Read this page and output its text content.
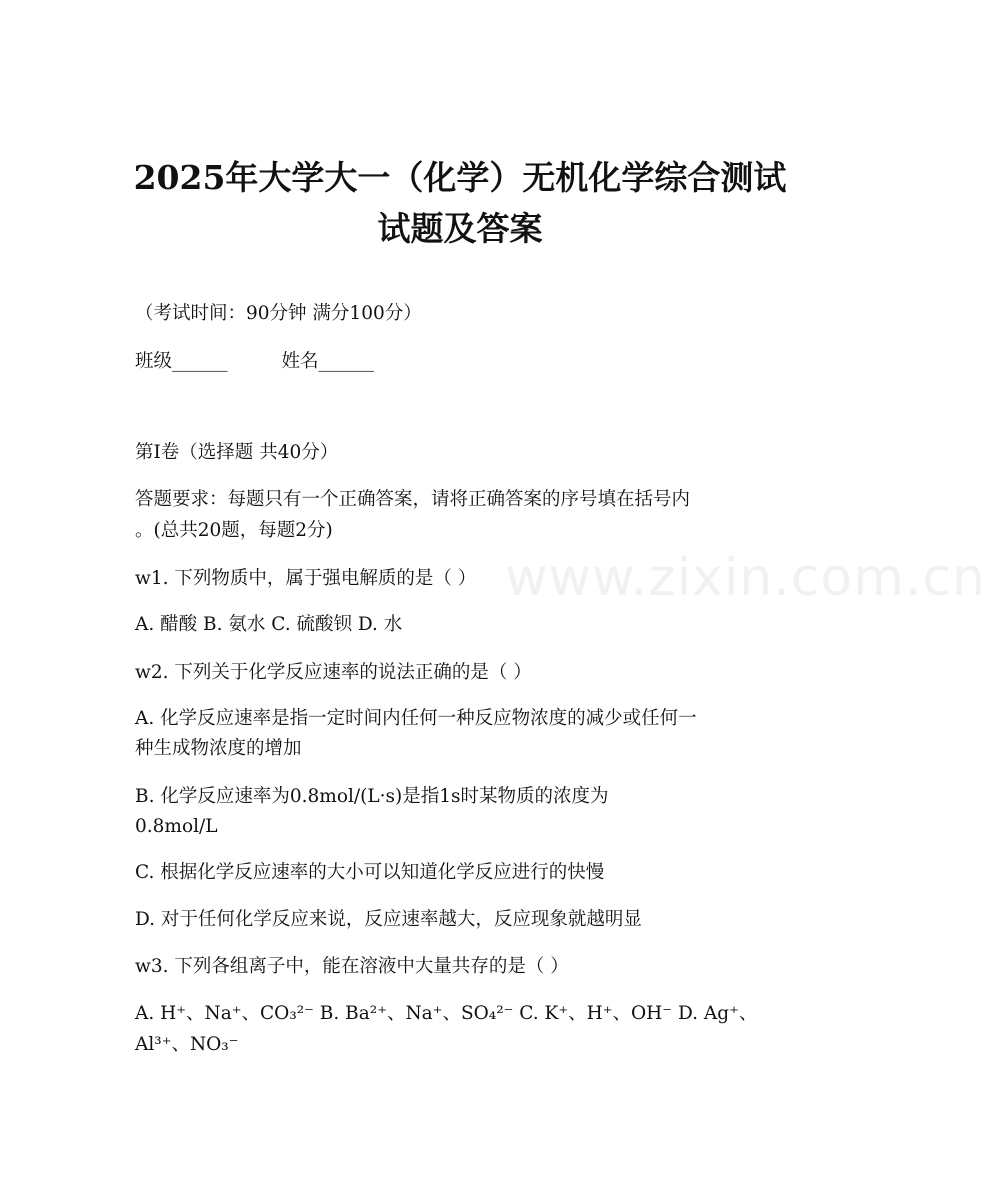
2025年大学大一（化学）无机化学综合测试
试题及答案
（考试时间：90分钟 满分100分）
班级______	姓名______
第I卷（选择题 共40分）
答题要求：每题只有一个正确答案，请将正确答案的序号填在括号内
。(总共20题，每题2分)
w1. 下列物质中，属于强电解质的是（ ）
A. 醋酸 B. 氨水 C. 硫酸钡 D. 水
w2. 下列关于化学反应速率的说法正确的是（ ）
A. 化学反应速率是指一定时间内任何一种反应物浓度的减少或任何一
种生成物浓度的增加
B. 化学反应速率为0.8mol/(L·s)是指1s时某物质的浓度为
0.8mol/L
C. 根据化学反应速率的大小可以知道化学反应进行的快慢
D. 对于任何化学反应来说，反应速率越大，反应现象就越明显
w3. 下列各组离子中，能在溶液中大量共存的是（ ）
A. H⁺、Na⁺、CO₃²⁻ B. Ba²⁺、Na⁺、SO₄²⁻ C. K⁺、H⁺、OH⁻ D. Ag⁺、
Al³⁺、NO₃⁻
www.zixin.com.cn
